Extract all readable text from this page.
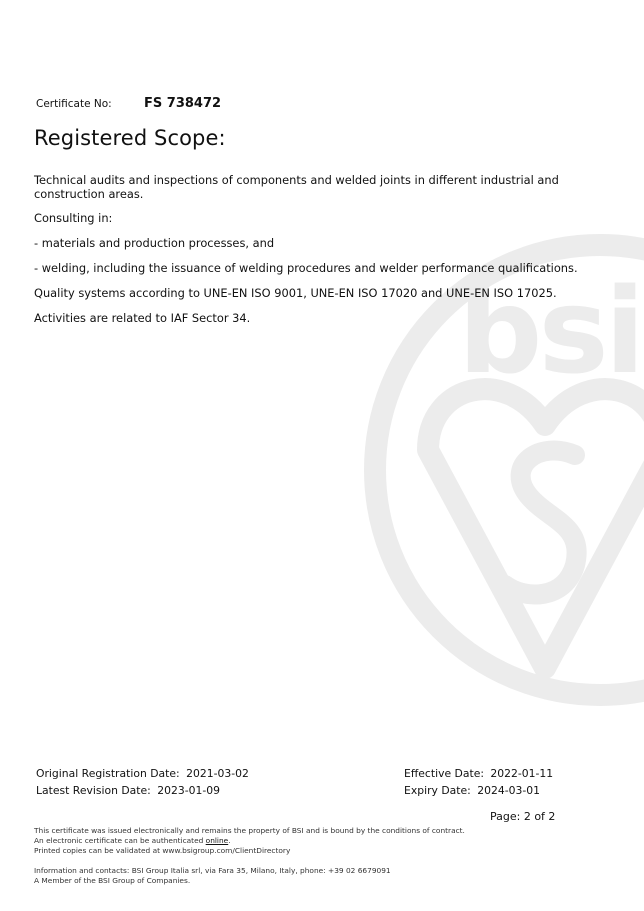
bsi
Certificate No: FS 738472
Registered Scope:

Technical audits and inspections of components and welded joints in different industrial and construction areas.

Consulting in:

- materials and production processes, and

- welding, including the issuance of welding procedures and welder performance qualifications.

Quality systems according to UNE-EN ISO 9001, UNE-EN ISO 17020 and UNE-EN ISO 17025.

Activities are related to IAF Sector 34.

Original Registration Date: 2021-03-02
Latest Revision Date: 2023-01-09
Effective Date: 2022-01-11
Expiry Date: 2024-03-01
Page: 2 of 2
This certificate was issued electronically and remains the property of BSI and is bound by the conditions of contract.
An electronic certificate can be authenticated online.
Printed copies can be validated at www.bsigroup.com/ClientDirectory
Information and contacts: BSI Group Italia srl, via Fara 35, Milano, Italy, phone: +39 02 6679091
A Member of the BSI Group of Companies.
